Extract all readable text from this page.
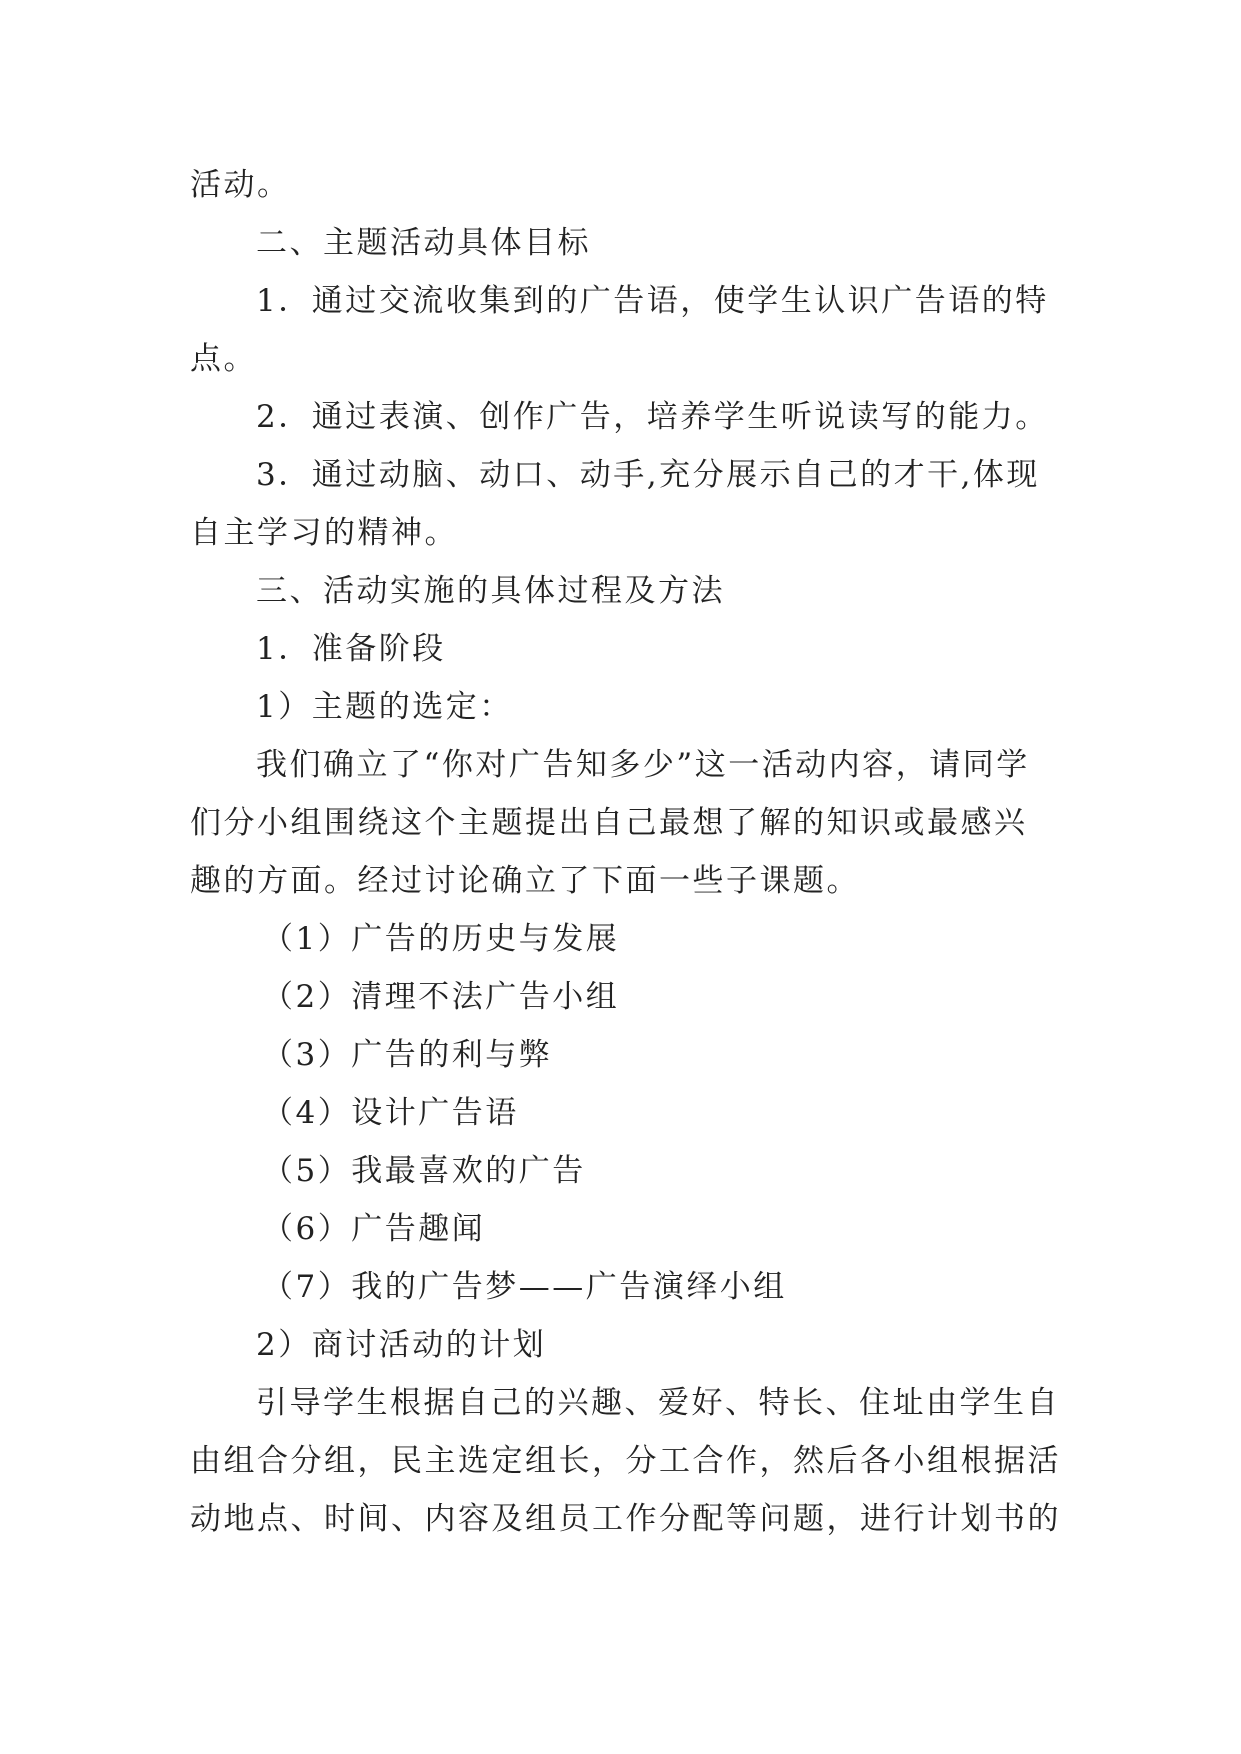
活动。
二、主题活动具体目标
1．通过交流收集到的广告语，使学生认识广告语的特
点。
2．通过表演、创作广告，培养学生听说读写的能力。
3．通过动脑、动口、动手,充分展示自己的才干,体现
自主学习的精神。
三、活动实施的具体过程及方法
1．准备阶段
1）主题的选定：
我们确立了“你对广告知多少”这一活动内容，请同学
们分小组围绕这个主题提出自己最想了解的知识或最感兴
趣的方面。经过讨论确立了下面一些子课题。
（1）广告的历史与发展
（2）清理不法广告小组
（3）广告的利与弊
（4）设计广告语
（5）我最喜欢的广告
（6）广告趣闻
（7）我的广告梦——广告演绎小组
2）商讨活动的计划
引导学生根据自己的兴趣、爱好、特长、住址由学生自
由组合分组，民主选定组长，分工合作，然后各小组根据活
动地点、时间、内容及组员工作分配等问题，进行计划书的
